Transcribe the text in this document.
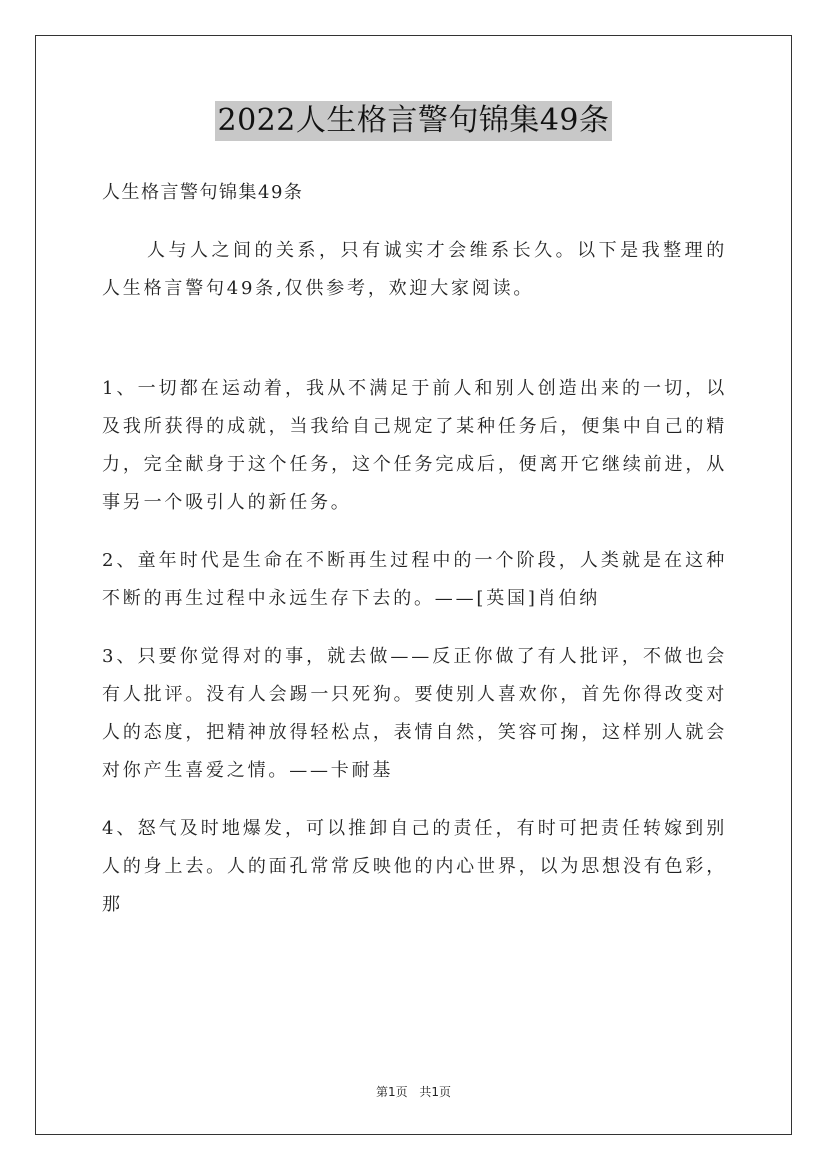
2022人生格言警句锦集49条

人生格言警句锦集49条

人与人之间的关系，只有诚实才会维系长久。以下是我整理的人生格言警句49条,仅供参考，欢迎大家阅读。

1、一切都在运动着，我从不满足于前人和别人创造出来的一切，以及我所获得的成就，当我给自己规定了某种任务后，便集中自己的精力，完全献身于这个任务，这个任务完成后，便离开它继续前进，从事另一个吸引人的新任务。

2、童年时代是生命在不断再生过程中的一个阶段，人类就是在这种不断的再生过程中永远生存下去的。——[英国]肖伯纳

3、只要你觉得对的事，就去做——反正你做了有人批评，不做也会有人批评。没有人会踢一只死狗。要使别人喜欢你，首先你得改变对人的态度，把精神放得轻松点，表情自然，笑容可掬，这样别人就会对你产生喜爱之情。——卡耐基

4、怒气及时地爆发，可以推卸自己的责任，有时可把责任转嫁到别人的身上去。人的面孔常常反映他的内心世界，以为思想没有色彩，那

第1页 共1页
